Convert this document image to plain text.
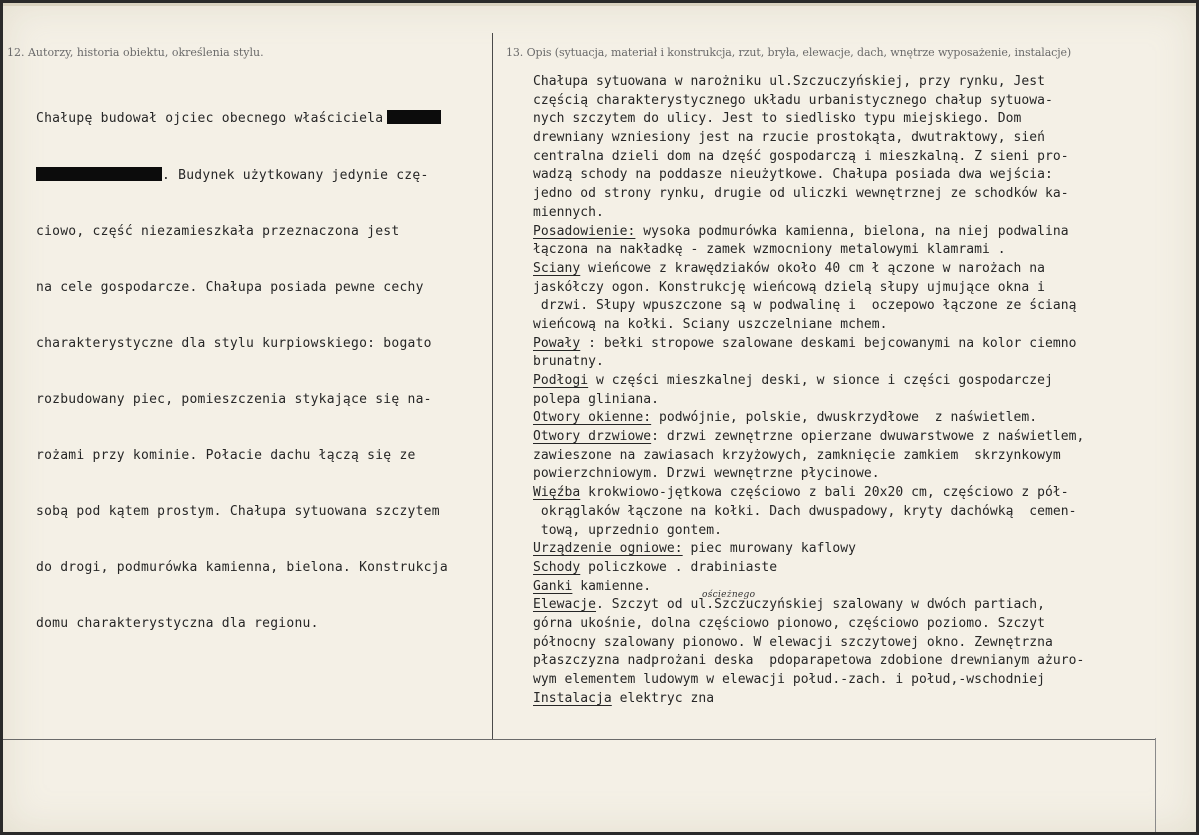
12. Autorzy, historia obiektu, określenia stylu.	13. Opis (sytuacja, materiał i konstrukcja, rzut, bryła, elewacje, dach, wnętrze wyposażenie, instalacje)

Chałupę budował ojciec obecnego właściciela

. Budynek użytkowany jedynie czę-

ciowo, część niezamieszkała przeznaczona jest

na cele gospodarcze. Chałupa posiada pewne cechy

charakterystyczne dla stylu kurpiowskiego: bogato

rozbudowany piec, pomieszczenia stykające się na-

rożami przy kominie. Połacie dachu łączą się ze

sobą pod kątem prostym. Chałupa sytuowana szczytem

do drogi, podmurówka kamienna, bielona. Konstrukcja

domu charakterystyczna dla regionu.

Chałupa sytuowana w narożniku ul.Szczuczyńskiej, przy rynku, Jest
częścią charakterystycznego układu urbanistycznego chałup sytuowa-
nych szczytem do ulicy. Jest to siedlisko typu miejskiego. Dom
drewniany wzniesiony jest na rzucie prostokąta, dwutraktowy, sień
centralna dzieli dom na dzęść gospodarczą i mieszkalną. Z sieni pro-
wadzą schody na poddasze nieużytkowe. Chałupa posiada dwa wejścia:
jedno od strony rynku, drugie od uliczki wewnętrznej ze schodków ka-
miennych.
Posadowienie: wysoka podmurówka kamienna, bielona, na niej podwalina
łączona na nakładkę - zamek wzmocniony metalowymi klamrami .
Sciany wieńcowe z krawędziaków około 40 cm ł ączone w narożach na
jaskółczy ogon. Konstrukcję wieńcową dzielą słupy ujmujące okna i
drzwi. Słupy wpuszczone są w podwalinę i  oczepowo łączone ze ścianą
wieńcową na kołki. Sciany uszczelniane mchem.
Powały : bełki stropowe szalowane deskami bejcowanymi na kolor ciemno
brunatny.
Podłogi w części mieszkalnej deski, w sionce i części gospodarczej
polepa gliniana.
Otwory okienne: podwójnie, polskie, dwuskrzydłowe  z naświetlem.
Otwory drzwiowe: drzwi zewnętrzne opierzane dwuwarstwowe z naświetlem,
zawieszone na zawiasach krzyżowych, zamknięcie zamkiem  skrzynkowym
powierzchniowym. Drzwi wewnętrzne płycinowe.
Więźba krokwiowo-jętkowa częściowo z bali 20x20 cm, częściowo z pół-
okrąglaków łączone na kołki. Dach dwuspadowy, kryty dachówką  cemen-
tową, uprzednio gontem.
Urządzenie ogniowe: piec murowany kaflowy
Schody policzkowe . drabiniaste
Ganki kamienne.
Elewacje. Szczyt od ul.Szczuczyńskiej szalowany w dwóch partiach,
górna ukośnie, dolna częściowo pionowo, częściowo poziomo. Szczyt
północny szalowany pionowo. W elewacji szczytowej okno. Zewnętrzna
płaszczyzna nadprożani deska  pdoparapetowa zdobione drewnianym ażuro-
wym elementem ludowym w elewacji połud.-zach. i połud,-wschodniej
Instalacja elektryc zna
ościeżnego
